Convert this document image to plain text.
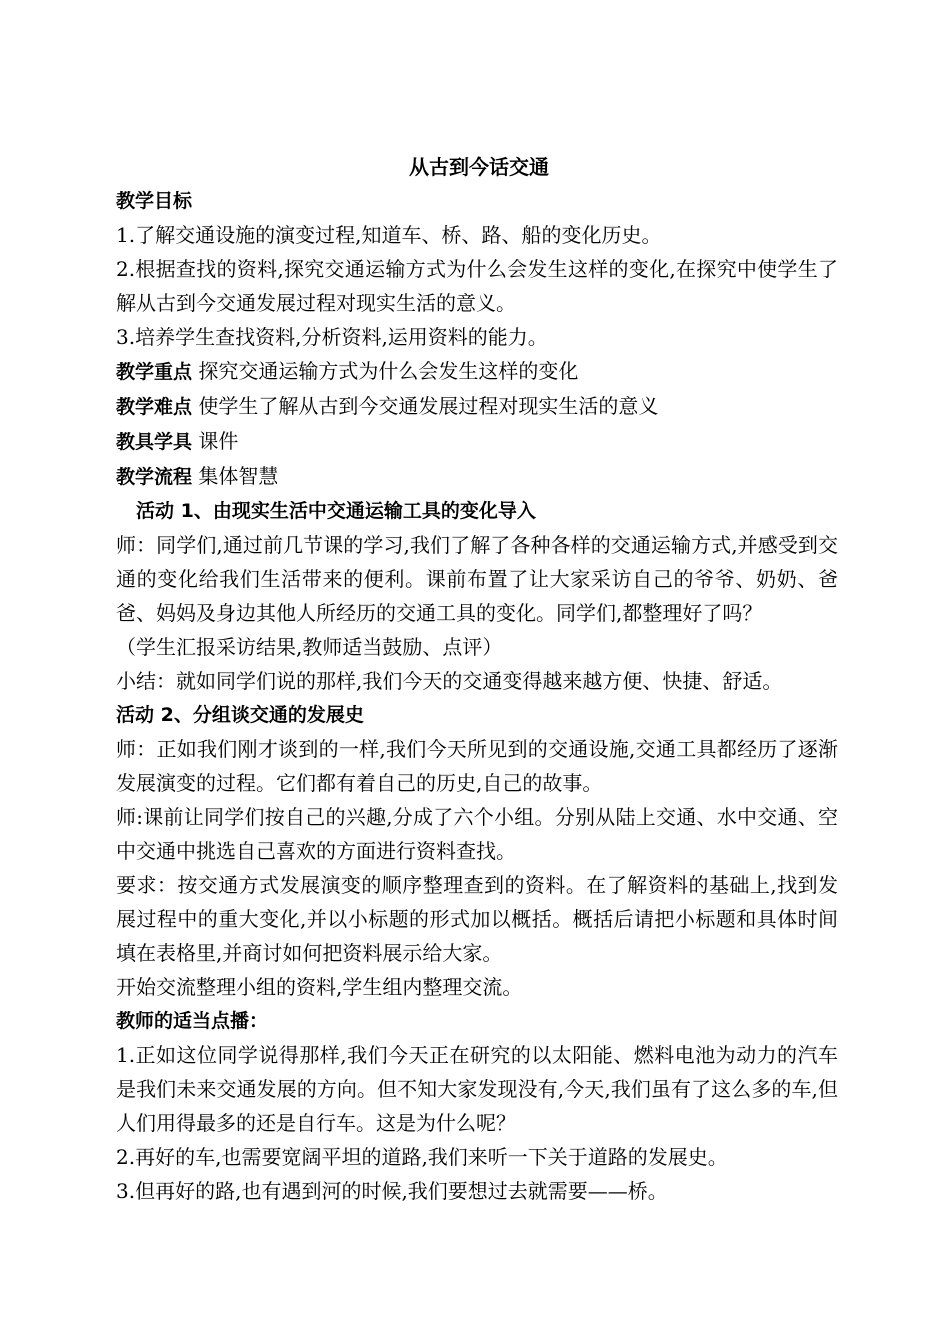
从古到今话交通
教学目标
1.了解交通设施的演变过程,知道车、桥、路、船的变化历史。
2.根据查找的资料,探究交通运输方式为什么会发生这样的变化,在探究中使学生了解从古到今交通发展过程对现实生活的意义。
3.培养学生查找资料,分析资料,运用资料的能力。
教学重点 探究交通运输方式为什么会发生这样的变化
教学难点 使学生了解从古到今交通发展过程对现实生活的意义
教具学具 课件
教学流程 集体智慧
活动 1、由现实生活中交通运输工具的变化导入
师：同学们,通过前几节课的学习,我们了解了各种各样的交通运输方式,并感受到交通的变化给我们生活带来的便利。课前布置了让大家采访自己的爷爷、奶奶、爸爸、妈妈及身边其他人所经历的交通工具的变化。同学们,都整理好了吗？
（学生汇报采访结果,教师适当鼓励、点评）
小结：就如同学们说的那样,我们今天的交通变得越来越方便、快捷、舒适。
活动 2、分组谈交通的发展史
师：正如我们刚才谈到的一样,我们今天所见到的交通设施,交通工具都经历了逐渐发展演变的过程。它们都有着自己的历史,自己的故事。
师:课前让同学们按自己的兴趣,分成了六个小组。分别从陆上交通、水中交通、空中交通中挑选自己喜欢的方面进行资料查找。
要求：按交通方式发展演变的顺序整理查到的资料。在了解资料的基础上,找到发展过程中的重大变化,并以小标题的形式加以概括。概括后请把小标题和具体时间填在表格里,并商讨如何把资料展示给大家。
开始交流整理小组的资料,学生组内整理交流。
教师的适当点播：
1.正如这位同学说得那样,我们今天正在研究的以太阳能、燃料电池为动力的汽车是我们未来交通发展的方向。但不知大家发现没有,今天,我们虽有了这么多的车,但人们用得最多的还是自行车。这是为什么呢？
2.再好的车,也需要宽阔平坦的道路,我们来听一下关于道路的发展史。
3.但再好的路,也有遇到河的时候,我们要想过去就需要——桥。
